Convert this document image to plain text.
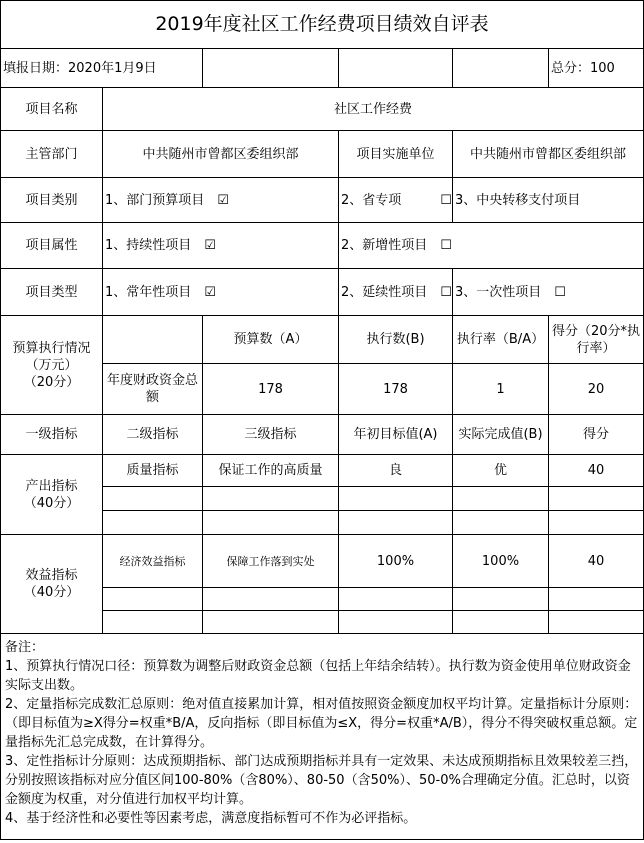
2019年度社区工作经费项目绩效自评表					
填报日期：2020年1月9日					总分：100
项目名称	社区工作经费				
主管部门	中共随州市曾都区委组织部		项目实施单位	中共随州市曾都区委组织部	
项目类别	1、部门预算项目　☑		2、省专项　　　☐	3、中央转移支付项目	
项目属性	1、持续性项目　☑		2、新增性项目　☐		
项目类型	1、常年性项目　☑		2、延续性项目　☐	3、一次性项目　☐	

预算执行情况
（万元）
（20分）		预算数（A）	执行数(B)	执行率（B/A）	得分（20分*执行率）
	年度财政资金总额	178	178	1	20
一级指标	二级指标	三级指标	年初目标值(A)	实际完成值(B)	得分

产出指标
（40分）	质量指标	保证工作的高质量	良	优	40

效益指标
（40分）	经济效益指标	保障工作落到实处	100%	100%	40

备注：
1、预算执行情况口径：预算数为调整后财政资金总额（包括上年结余结转）。执行数为资金使用单位财政资金实际支出数。
2、定量指标完成数汇总原则：绝对值直接累加计算，相对值按照资金额度加权平均计算。定量指标计分原则：（即目标值为≥X得分=权重*B/A，反向指标（即目标值为≤X，得分=权重*A/B），得分不得突破权重总额。定量指标先汇总完成数，在计算得分。
3、定性指标计分原则：达成预期指标、部门达成预期指标并具有一定效果、未达成预期指标且效果较差三挡，分别按照该指标对应分值区间100-80%（含80%）、80-50（含50%）、50-0%合理确定分值。汇总时，以资金额度为权重，对分值进行加权平均计算。
4、基于经济性和必要性等因素考虑，满意度指标暂可不作为必评指标。					
